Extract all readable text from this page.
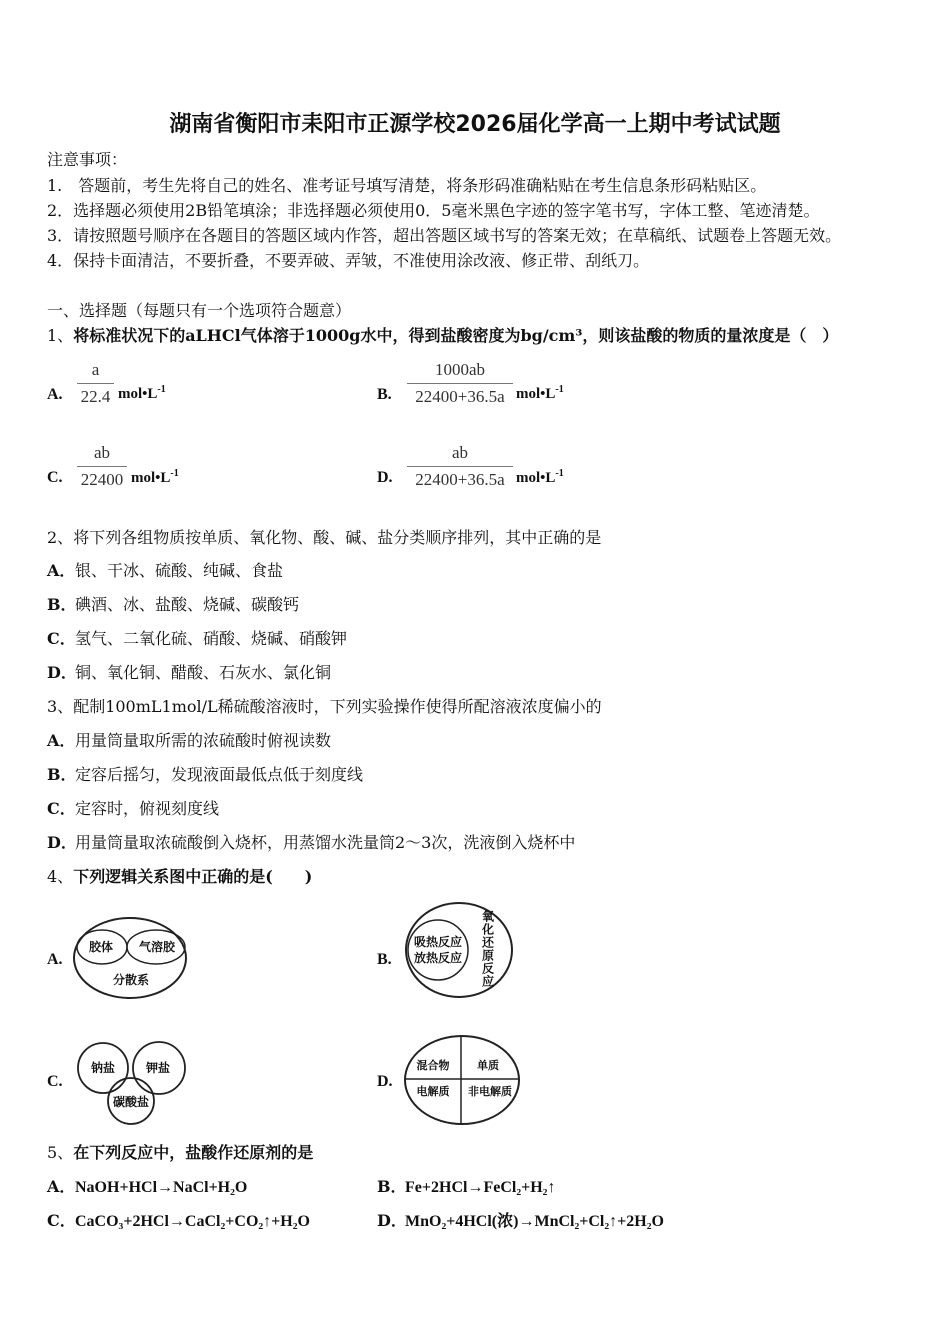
湖南省衡阳市耒阳市正源学校2026届化学高一上期中考试试题
注意事项：
1.　答题前，考生先将自己的姓名、准考证号填写清楚，将条形码准确粘贴在考生信息条形码粘贴区。
2．选择题必须使用2B铅笔填涂；非选择题必须使用0．5毫米黑色字迹的签字笔书写，字体工整、笔迹清楚。
3．请按照题号顺序在各题目的答题区域内作答，超出答题区域书写的答案无效；在草稿纸、试题卷上答题无效。
4．保持卡面清洁，不要折叠，不要弄破、弄皱，不准使用涂改液、修正带、刮纸刀。
一、选择题（每题只有一个选项符合题意）
1、将标准状况下的aLHCl气体溶于1000g水中，得到盐酸密度为bg/cm³，则该盐酸的物质的量浓度是（　）
A.
a
22.4 $mol•L^{-1}$	B.
1000ab
22400+36.5a $mol•L^{-1}$
C.
ab
22400 $mol•L^{-1}$	D.
ab
22400+36.5a $mol•L^{-1}$
2、将下列各组物质按单质、氧化物、酸、碱、盐分类顺序排列，其中正确的是
A．银、干冰、硫酸、纯碱、食盐
B．碘酒、冰、盐酸、烧碱、碳酸钙
C．氢气、二氧化硫、硝酸、烧碱、硝酸钾
D．铜、氧化铜、醋酸、石灰水、氯化铜
3、配制100mL1mol/L稀硫酸溶液时，下列实验操作使得所配溶液浓度偏小的
A．用量筒量取所需的浓硫酸时俯视读数
B．定容后摇匀，发现液面最低点低于刻度线
C．定容时，俯视刻度线
D．用量筒量取浓硫酸倒入烧杯，用蒸馏水洗量筒2～3次，洗液倒入烧杯中
4、下列逻辑关系图中正确的是(　　)
A.
胶体 气溶胶
分散系
B.
吸热反应
放热反应 氧化还原反应
C.
钠盐	钾盐
碳酸盐
D.
混合物	单质
电解质 非电解质
5、在下列反应中，盐酸作还原剂的是
A．NaOH+HCl→NaCl+H₂O	B．Fe+2HCl→FeCl₂+H₂↑
C．CaCO₃+2HCl→CaCl₂+CO₂↑+H₂O	D．MnO₂+4HCl(浓)→MnCl₂+Cl₂↑+2H₂O
